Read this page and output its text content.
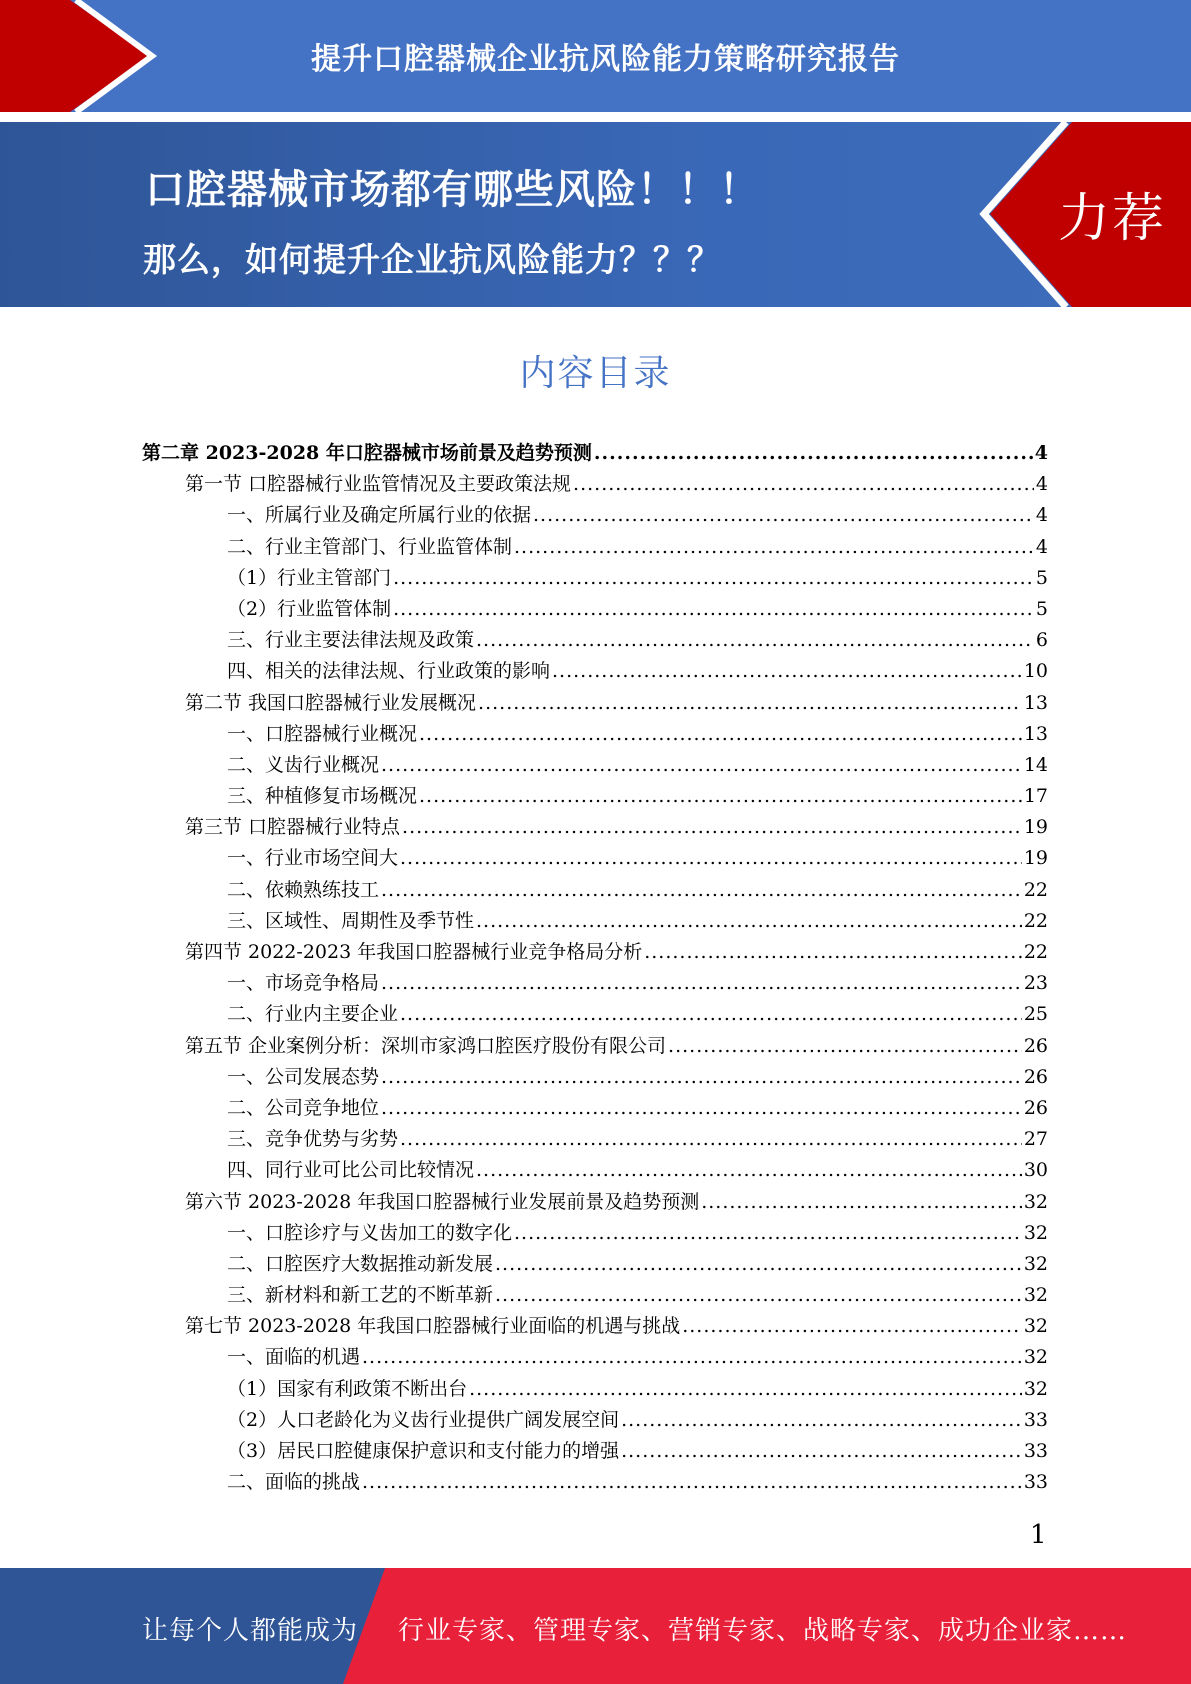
提升口腔器械企业抗风险能力策略研究报告
口腔器械市场都有哪些风险！！！
那么，如何提升企业抗风险能力？？？
力荐
内容目录
第二章 2023-2028 年口腔器械市场前景及趋势预测 .....	4
第一节 口腔器械行业监管情况及主要政策法规 .....	4
一、所属行业及确定所属行业的依据 .....	4
二、行业主管部门、行业监管体制 .....	4
（1）行业主管部门 .....	5
（2）行业监管体制 .....	5
三、行业主要法律法规及政策 .....	6
四、相关的法律法规、行业政策的影响 .....	10
第二节 我国口腔器械行业发展概况 .....	13
一、口腔器械行业概况 .....	13
二、义齿行业概况 .....	14
三、种植修复市场概况 .....	17
第三节 口腔器械行业特点 .....	19
一、行业市场空间大 .....	19
二、依赖熟练技工 .....	22
三、区域性、周期性及季节性 .....	22
第四节 2022-2023 年我国口腔器械行业竞争格局分析 .....	22
一、市场竞争格局 .....	23
二、行业内主要企业 .....	25
第五节 企业案例分析：深圳市家鸿口腔医疗股份有限公司 .....	26
一、公司发展态势 .....	26
二、公司竞争地位 .....	26
三、竞争优势与劣势 .....	27
四、同行业可比公司比较情况 .....	30
第六节 2023-2028 年我国口腔器械行业发展前景及趋势预测 .....	32
一、口腔诊疗与义齿加工的数字化 .....	32
二、口腔医疗大数据推动新发展 .....	32
三、新材料和新工艺的不断革新 .....	32
第七节 2023-2028 年我国口腔器械行业面临的机遇与挑战 .....	32
一、面临的机遇 .....	32
（1）国家有利政策不断出台 .....	32
（2）人口老龄化为义齿行业提供广阔发展空间 .....	33
（3）居民口腔健康保护意识和支付能力的增强 .....	33
二、面临的挑战 .....	33
1
让每个人都能成为 行业专家、管理专家、营销专家、战略专家、成功企业家……
